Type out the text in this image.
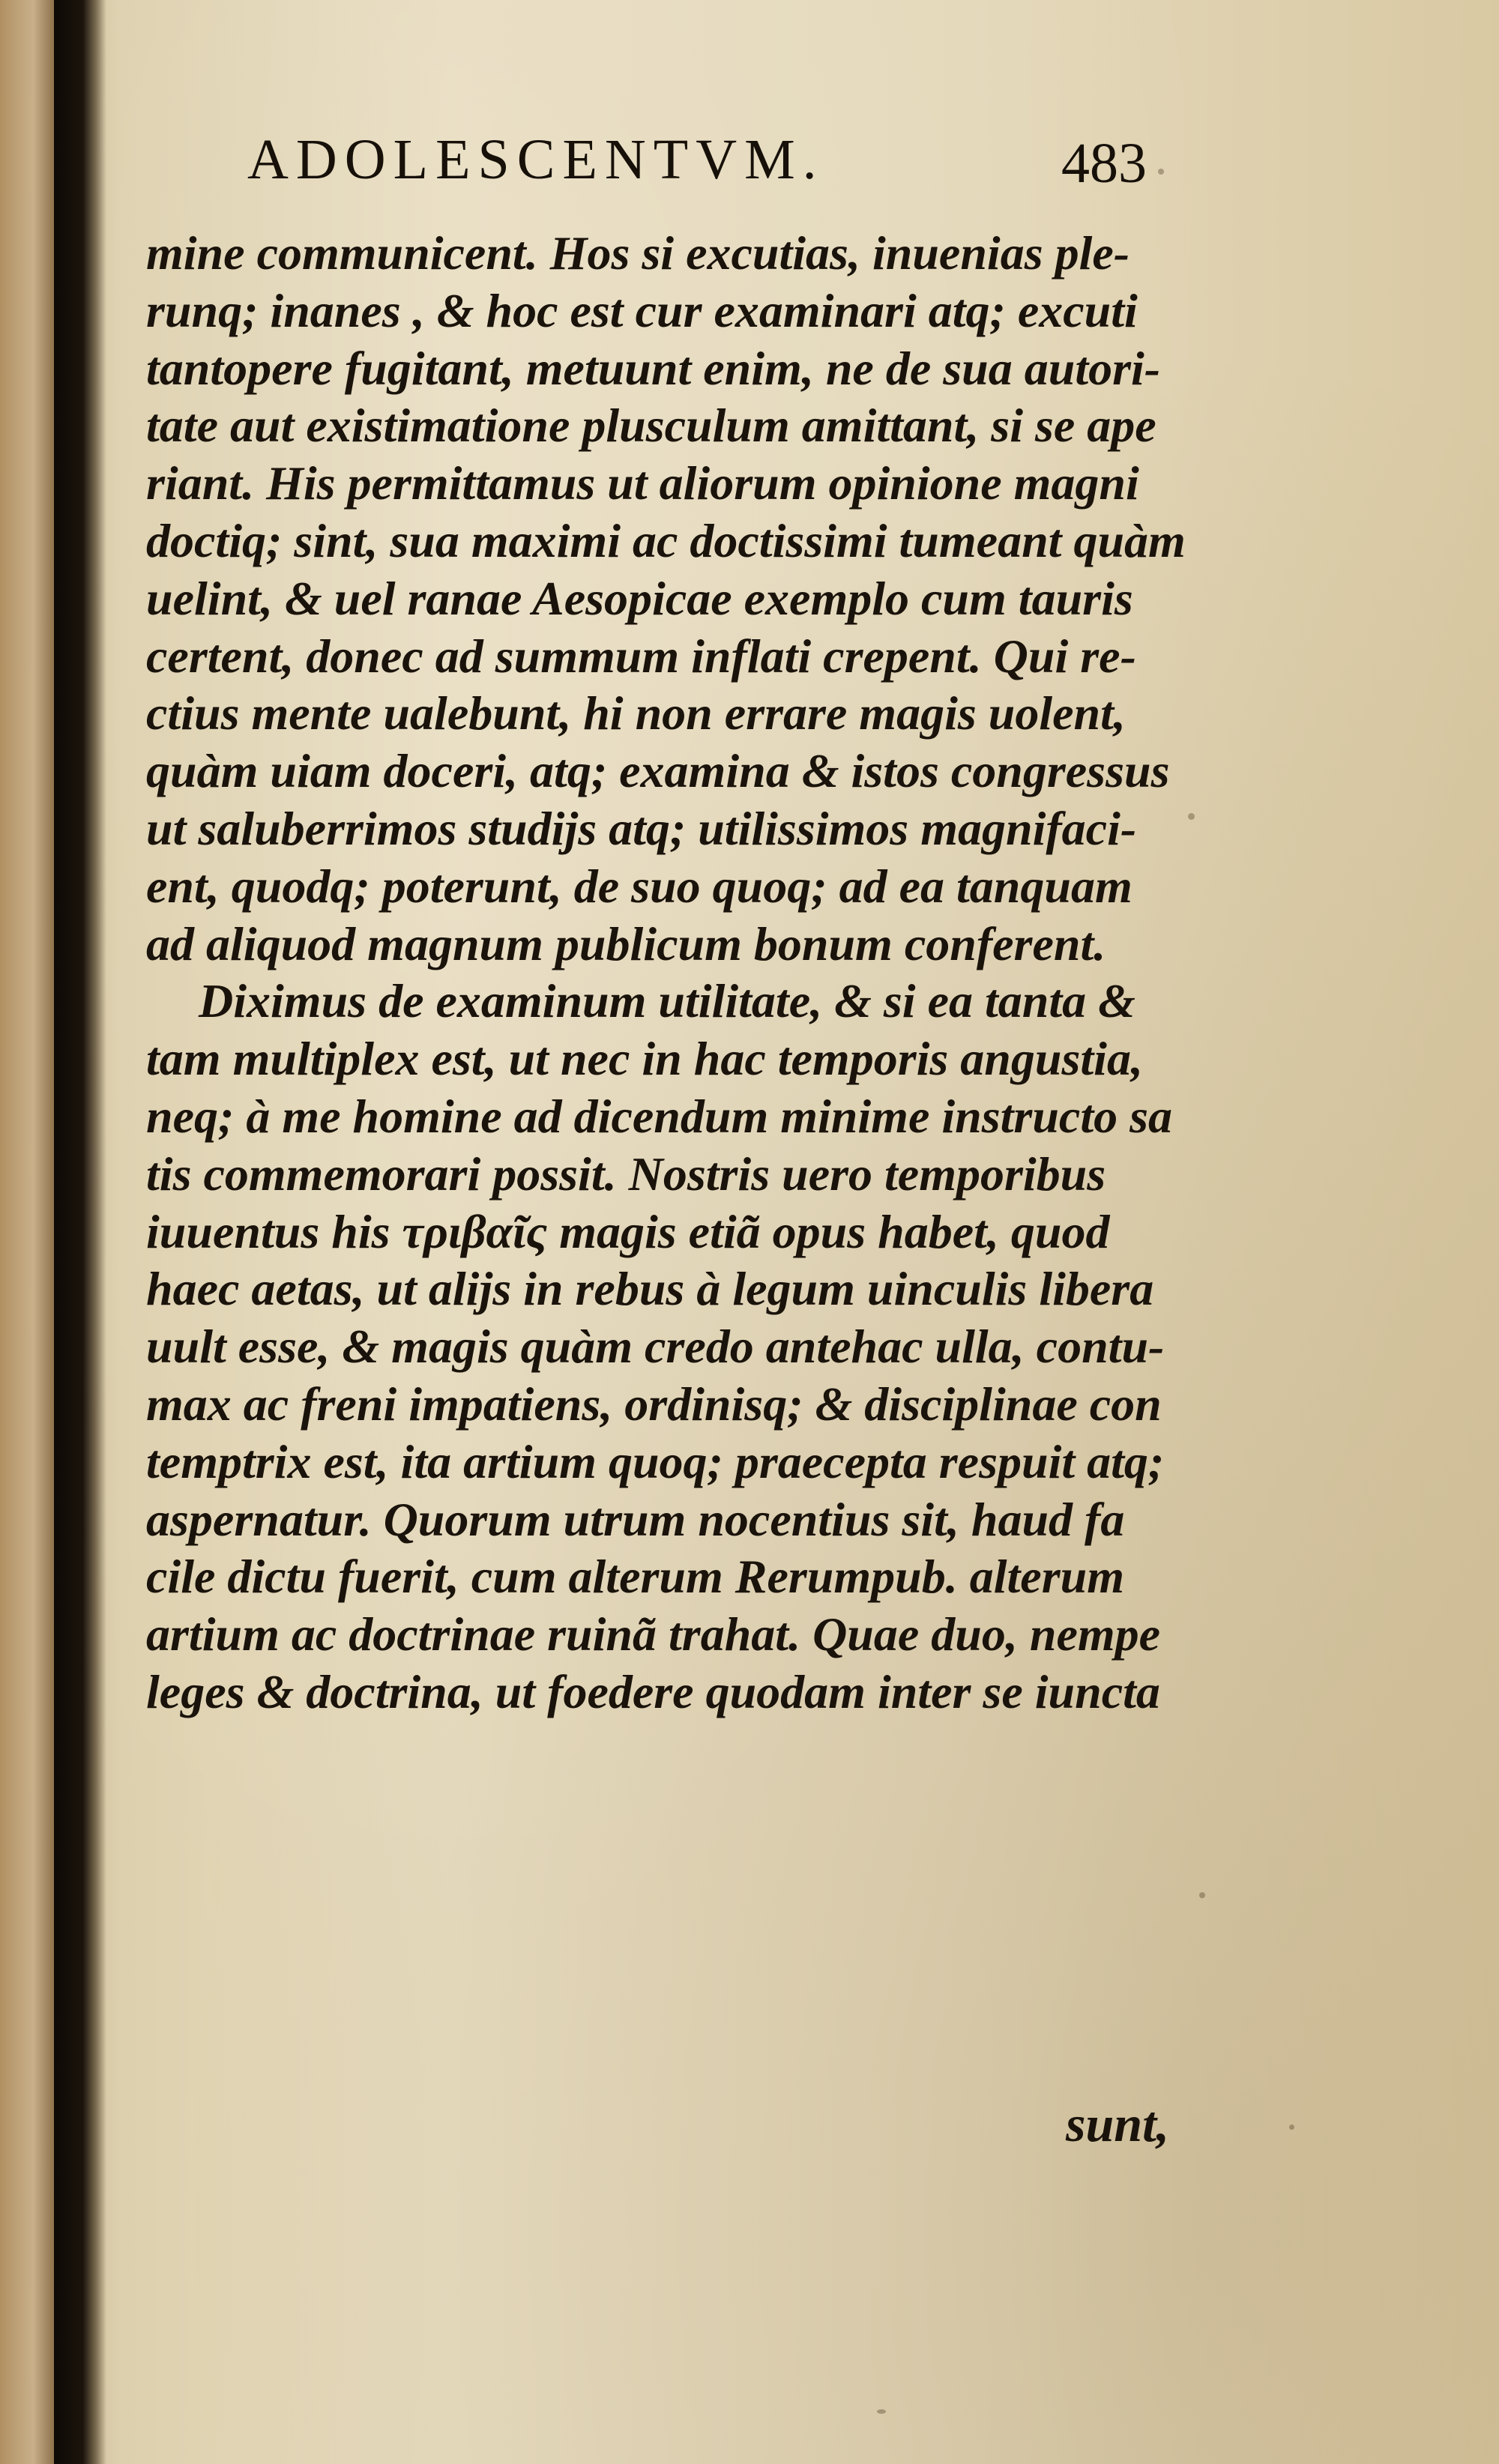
ADOLESCENTVM.	483
mine communicent. Hos si excutias, inuenias ple-
runq; inanes , & hoc est cur examinari atq; excuti
tantopere fugitant, metuunt enim, ne de sua autori-
tate aut existimatione plusculum amittant, si se ape
riant. His permittamus ut aliorum opinione magni
doctiq; sint, sua maximi ac doctissimi tumeant quàm
uelint, & uel ranae Aesopicae exemplo cum tauris
certent, donec ad summum inflati crepent. Qui re-
ctius mente ualebunt, hi non errare magis uolent,
quàm uiam doceri, atq; examina & istos congressus
ut saluberrimos studijs atq; utilissimos magnifaci-
ent, quodq; poterunt, de suo quoq; ad ea tanquam
ad aliquod magnum publicum bonum conferent.
Diximus de examinum utilitate, & si ea tanta &
tam multiplex est, ut nec in hac temporis angustia,
neq; à me homine ad dicendum minime instructo sa
tis commemorari possit. Nostris uero temporibus
iuuentus his τριβαῖς magis etiã opus habet, quod
haec aetas, ut alijs in rebus à legum uinculis libera
uult esse, & magis quàm credo antehac ulla, contu-
max ac freni impatiens, ordinisq; & disciplinae con
temptrix est, ita artium quoq; praecepta respuit atq;
aspernatur. Quorum utrum nocentius sit, haud fa
cile dictu fuerit, cum alterum Rerumpub. alterum
artium ac doctrinae ruinã trahat. Quae duo, nempe
leges & doctrina, ut foedere quodam inter se iuncta
sunt,
